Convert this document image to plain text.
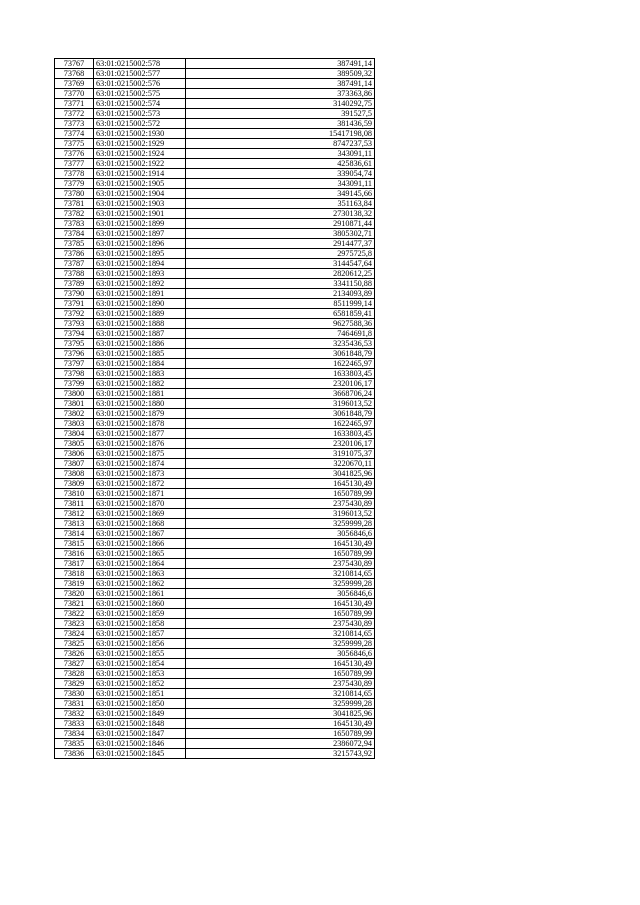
73767	63:01:0215002:578	387491,14
73768	63:01:0215002:577	389509,32
73769	63:01:0215002:576	387491,14
73770	63:01:0215002:575	373363,86
73771	63:01:0215002:574	3140292,75
73772	63:01:0215002:573	391527,5
73773	63:01:0215002:572	381436,59
73774	63:01:0215002:1930	15417198,08
73775	63:01:0215002:1929	8747237,53
73776	63:01:0215002:1924	343091,11
73777	63:01:0215002:1922	425836,61
73778	63:01:0215002:1914	339054,74
73779	63:01:0215002:1905	343091,11
73780	63:01:0215002:1904	349145,66
73781	63:01:0215002:1903	351163,84
73782	63:01:0215002:1901	2730138,32
73783	63:01:0215002:1899	2910871,44
73784	63:01:0215002:1897	3805302,71
73785	63:01:0215002:1896	2914477,37
73786	63:01:0215002:1895	2975725,8
73787	63:01:0215002:1894	3144547,64
73788	63:01:0215002:1893	2820612,25
73789	63:01:0215002:1892	3341150,88
73790	63:01:0215002:1891	2134093,89
73791	63:01:0215002:1890	8511999,14
73792	63:01:0215002:1889	6581859,41
73793	63:01:0215002:1888	9627588,36
73794	63:01:0215002:1887	7464691,8
73795	63:01:0215002:1886	3235436,53
73796	63:01:0215002:1885	3061848,79
73797	63:01:0215002:1884	1622465,97
73798	63:01:0215002:1883	1633803,45
73799	63:01:0215002:1882	2320106,17
73800	63:01:0215002:1881	3668706,24
73801	63:01:0215002:1880	3196013,52
73802	63:01:0215002:1879	3061848,79
73803	63:01:0215002:1878	1622465,97
73804	63:01:0215002:1877	1633803,45
73805	63:01:0215002:1876	2320106,17
73806	63:01:0215002:1875	3191075,37
73807	63:01:0215002:1874	3220670,11
73808	63:01:0215002:1873	3041825,96
73809	63:01:0215002:1872	1645130,49
73810	63:01:0215002:1871	1650789,99
73811	63:01:0215002:1870	2375430,89
73812	63:01:0215002:1869	3196013,52
73813	63:01:0215002:1868	3259999,28
73814	63:01:0215002:1867	3056846,6
73815	63:01:0215002:1866	1645130,49
73816	63:01:0215002:1865	1650789,99
73817	63:01:0215002:1864	2375430,89
73818	63:01:0215002:1863	3210814,65
73819	63:01:0215002:1862	3259999,28
73820	63:01:0215002:1861	3056846,6
73821	63:01:0215002:1860	1645130,49
73822	63:01:0215002:1859	1650789,99
73823	63:01:0215002:1858	2375430,89
73824	63:01:0215002:1857	3210814,65
73825	63:01:0215002:1856	3259999,28
73826	63:01:0215002:1855	3056846,6
73827	63:01:0215002:1854	1645130,49
73828	63:01:0215002:1853	1650789,99
73829	63:01:0215002:1852	2375430,89
73830	63:01:0215002:1851	3210814,65
73831	63:01:0215002:1850	3259999,28
73832	63:01:0215002:1849	3041825,96
73833	63:01:0215002:1848	1645130,49
73834	63:01:0215002:1847	1650789,99
73835	63:01:0215002:1846	2386072,94
73836	63:01:0215002:1845	3215743,92
